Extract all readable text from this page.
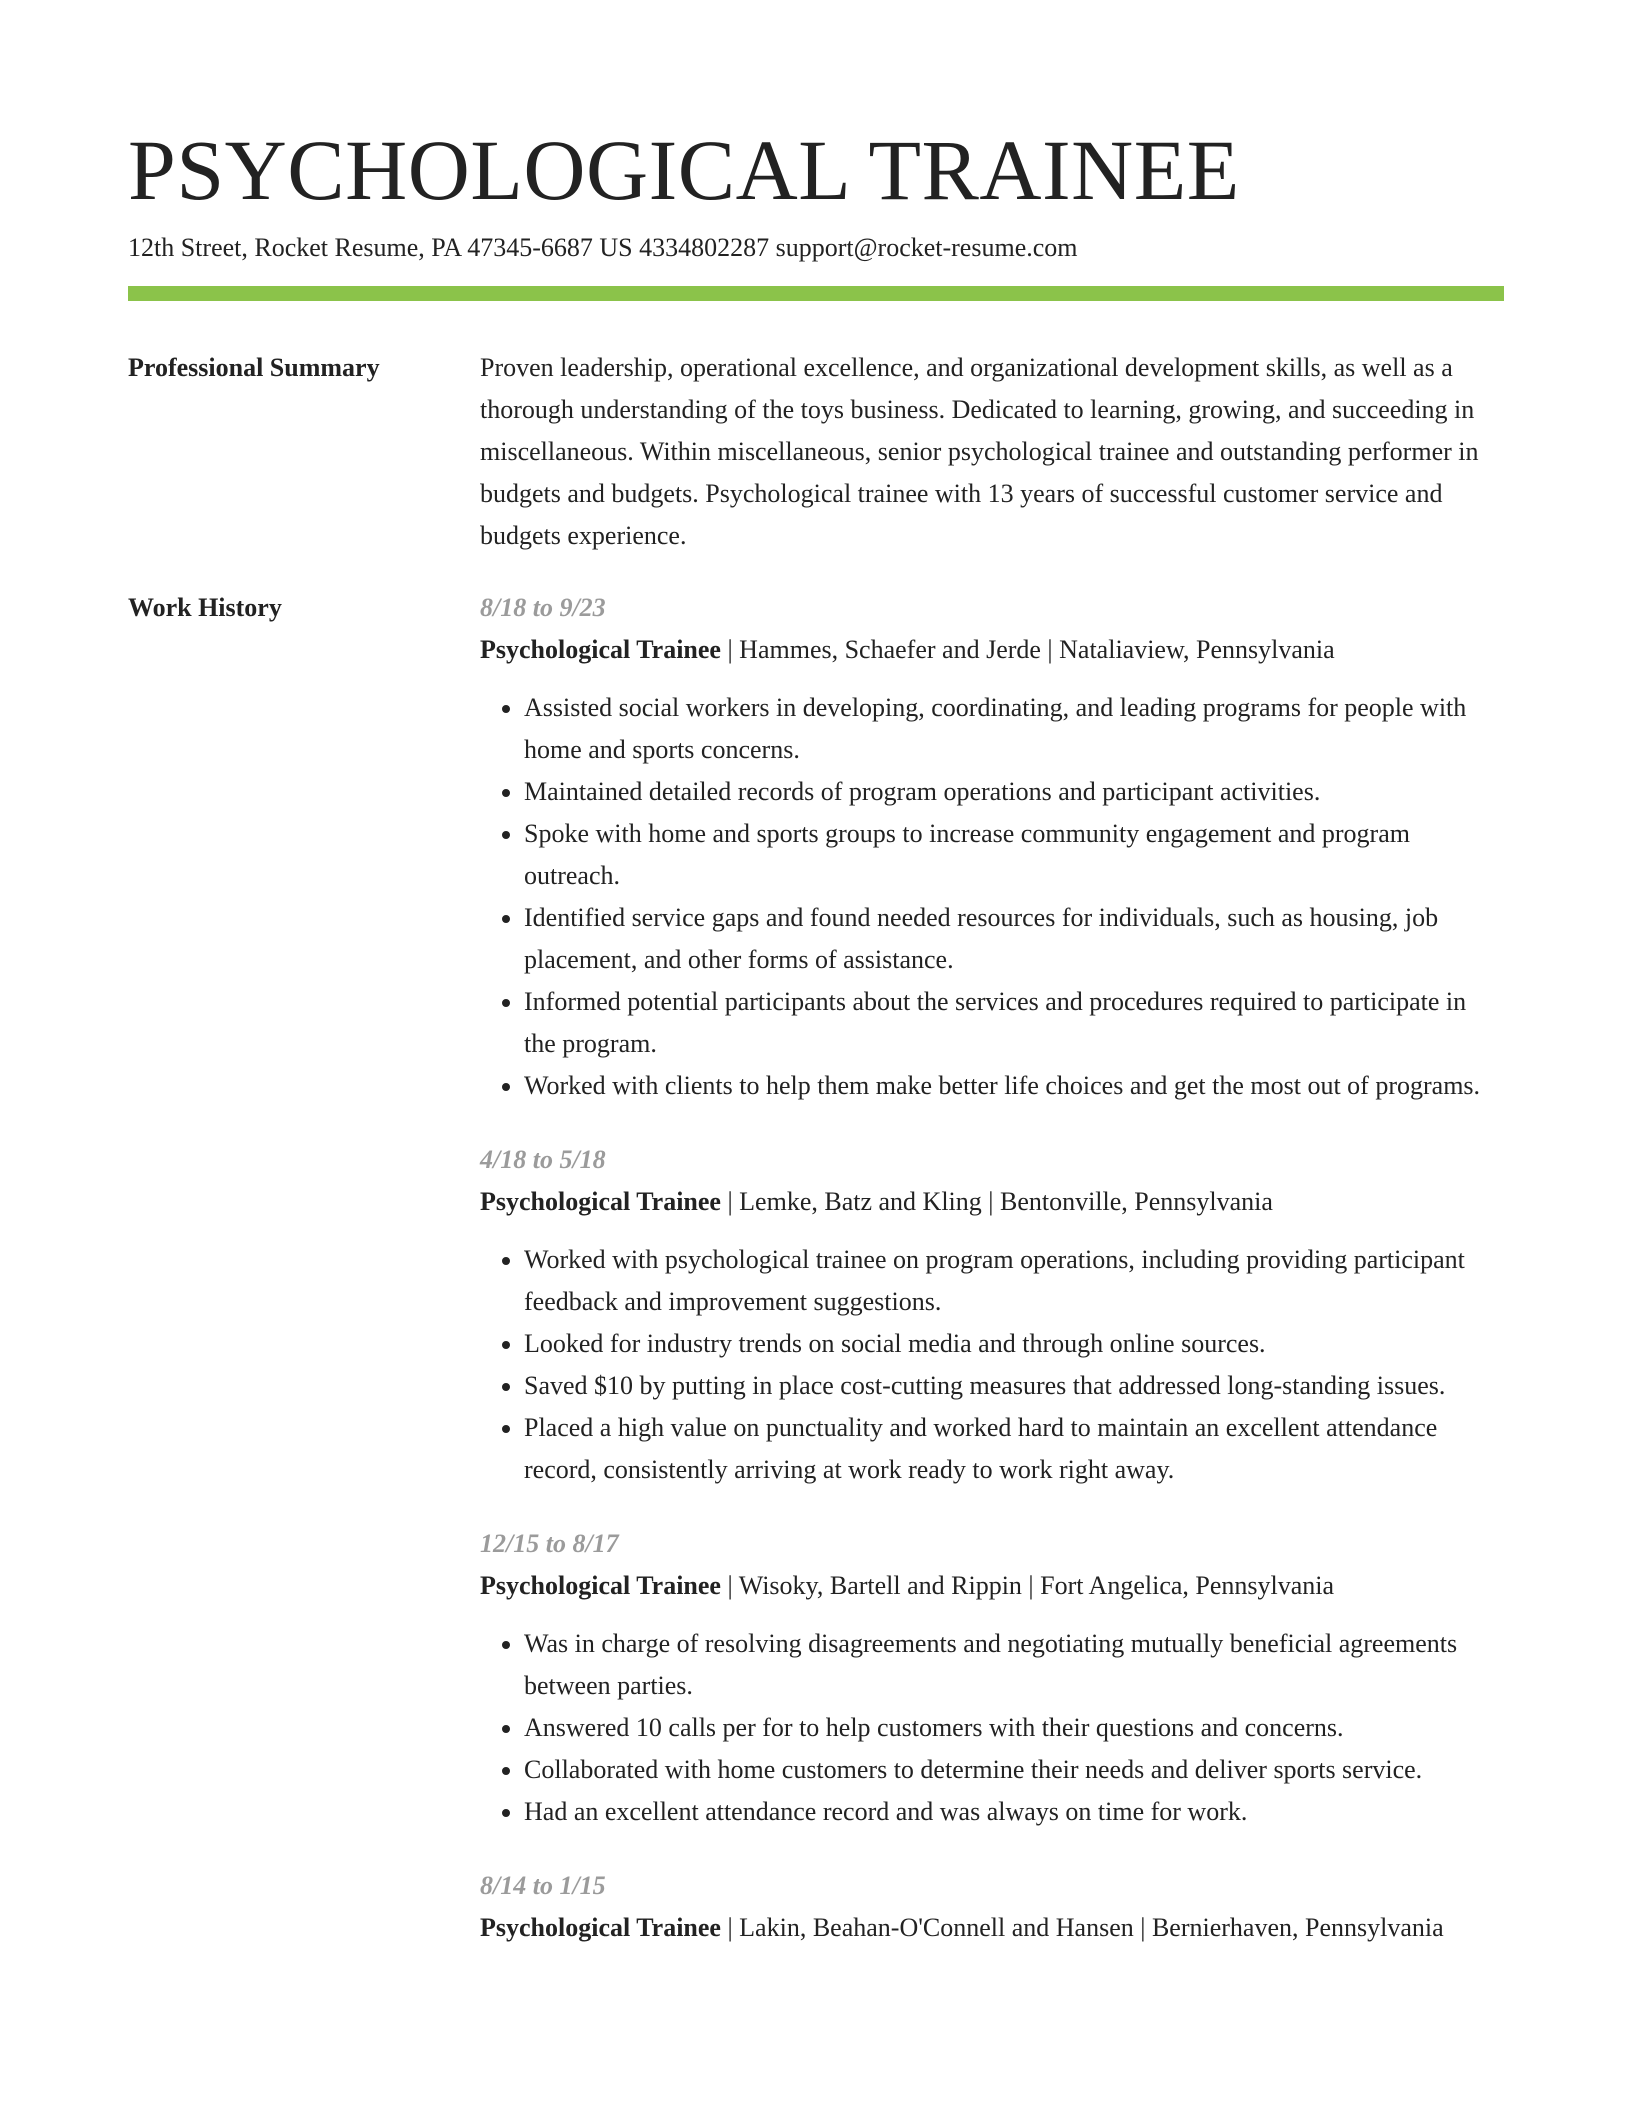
PSYCHOLOGICAL TRAINEE
12th Street, Rocket Resume, PA 47345-6687 US 4334802287 support@rocket-resume.com
Professional Summary	Proven leadership, operational excellence, and organizational development skills, as well as a thorough understanding of the toys business. Dedicated to learning, growing, and succeeding in miscellaneous. Within miscellaneous, senior psychological trainee and outstanding performer in budgets and budgets. Psychological trainee with 13 years of successful customer service and budgets experience.

Work History	8/18 to 9/23
Psychological Trainee | Hammes, Schaefer and Jerde | Nataliaview, Pennsylvania
• Assisted social workers in developing, coordinating, and leading programs for people with home and sports concerns.
• Maintained detailed records of program operations and participant activities.
• Spoke with home and sports groups to increase community engagement and program outreach.
• Identified service gaps and found needed resources for individuals, such as housing, job placement, and other forms of assistance.
• Informed potential participants about the services and procedures required to participate in the program.
• Worked with clients to help them make better life choices and get the most out of programs.
4/18 to 5/18
Psychological Trainee | Lemke, Batz and Kling | Bentonville, Pennsylvania
• Worked with psychological trainee on program operations, including providing participant feedback and improvement suggestions.
• Looked for industry trends on social media and through online sources.
• Saved $10 by putting in place cost-cutting measures that addressed long-standing issues.
• Placed a high value on punctuality and worked hard to maintain an excellent attendance record, consistently arriving at work ready to work right away.
12/15 to 8/17
Psychological Trainee | Wisoky, Bartell and Rippin | Fort Angelica, Pennsylvania
• Was in charge of resolving disagreements and negotiating mutually beneficial agreements between parties.
• Answered 10 calls per for to help customers with their questions and concerns.
• Collaborated with home customers to determine their needs and deliver sports service.
• Had an excellent attendance record and was always on time for work.
8/14 to 1/15
Psychological Trainee | Lakin, Beahan-O'Connell and Hansen | Bernierhaven, Pennsylvania
